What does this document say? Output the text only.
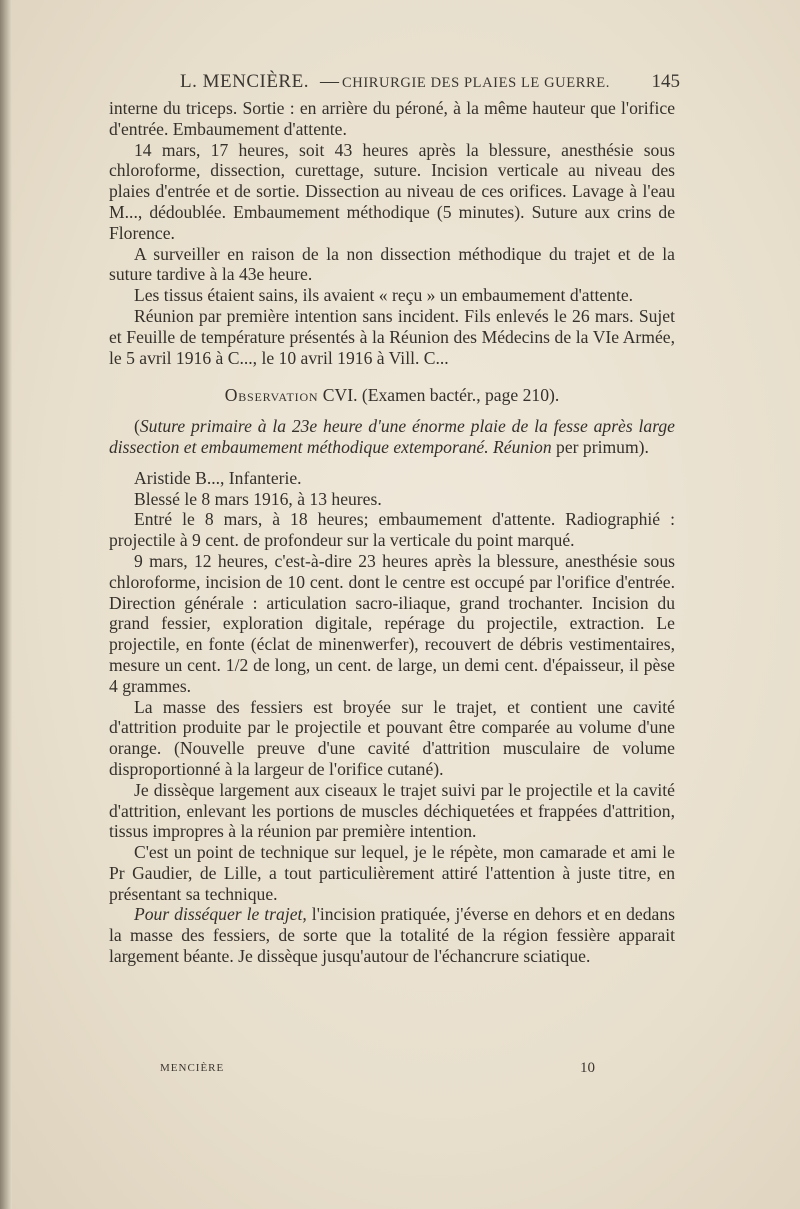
L. MENCIÈRE. — CHIRURGIE DES PLAIES LE GUERRE. 145

interne du triceps. Sortie : en arrière du péroné, à la même hauteur que l'orifice d'entrée. Embaumement d'attente.

14 mars, 17 heures, soit 43 heures après la blessure, anesthésie sous chloroforme, dissection, curettage, suture. Incision verticale au niveau des plaies d'entrée et de sortie. Dissection au niveau de ces orifices. Lavage à l'eau M..., dédoublée. Embaumement méthodique (5 minutes). Suture aux crins de Florence.

A surveiller en raison de la non dissection méthodique du trajet et de la suture tardive à la 43e heure.

Les tissus étaient sains, ils avaient « reçu » un embaumement d'attente.

Réunion par première intention sans incident. Fils enlevés le 26 mars. Sujet et Feuille de température présentés à la Réunion des Médecins de la VIe Armée, le 5 avril 1916 à C..., le 10 avril 1916 à Vill. C...

Observation CVI. (Examen bactér., page 210).

(Suture primaire à la 23e heure d'une énorme plaie de la fesse après large dissection et embaumement méthodique extemporané. Réunion per primum).

Aristide B..., Infanterie.

Blessé le 8 mars 1916, à 13 heures.

Entré le 8 mars, à 18 heures; embaumement d'attente. Radiographié : projectile à 9 cent. de profondeur sur la verticale du point marqué.

9 mars, 12 heures, c'est-à-dire 23 heures après la blessure, anesthésie sous chloroforme, incision de 10 cent. dont le centre est occupé par l'orifice d'entrée. Direction générale : articulation sacro-iliaque, grand trochanter. Incision du grand fessier, exploration digitale, repérage du projectile, extraction. Le projectile, en fonte (éclat de minenwerfer), recouvert de débris vestimentaires, mesure un cent. 1/2 de long, un cent. de large, un demi cent. d'épaisseur, il pèse 4 grammes.

La masse des fessiers est broyée sur le trajet, et contient une cavité d'attrition produite par le projectile et pouvant être comparée au volume d'une orange. (Nouvelle preuve d'une cavité d'attrition musculaire de volume disproportionné à la largeur de l'orifice cutané).

Je dissèque largement aux ciseaux le trajet suivi par le projectile et la cavité d'attrition, enlevant les portions de muscles déchiquetées et frappées d'attrition, tissus impropres à la réunion par première intention.

C'est un point de technique sur lequel, je le répète, mon camarade et ami le Pr Gaudier, de Lille, a tout particulièrement attiré l'attention à juste titre, en présentant sa technique.

Pour disséquer le trajet, l'incision pratiquée, j'éverse en dehors et en dedans la masse des fessiers, de sorte que la totalité de la région fessière apparait largement béante. Je dissèque jusqu'autour de l'échancrure sciatique.

MENCIÈRE	10
